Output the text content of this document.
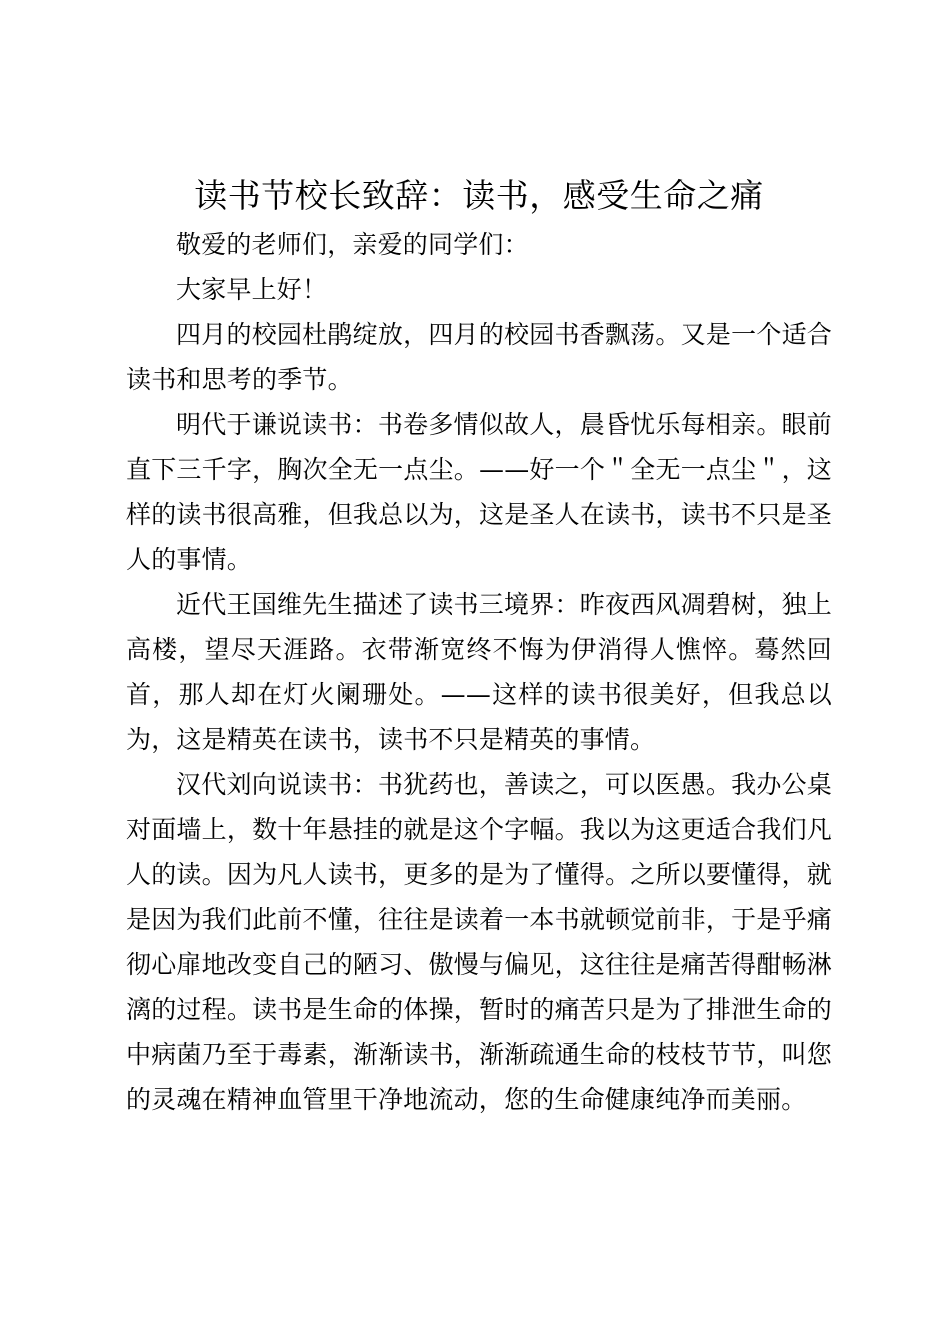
读书节校长致辞：读书，感受生命之痛

敬爱的老师们，亲爱的同学们：

大家早上好！

四月的校园杜鹃绽放，四月的校园书香飘荡。又是一个适合读书和思考的季节。

明代于谦说读书：书卷多情似故人，晨昏忧乐每相亲。眼前直下三千字，胸次全无一点尘。——好一个＂全无一点尘＂，这样的读书很高雅，但我总以为，这是圣人在读书，读书不只是圣人的事情。

近代王国维先生描述了读书三境界：昨夜西风凋碧树，独上高楼，望尽天涯路。衣带渐宽终不悔为伊消得人憔悴。蓦然回首，那人却在灯火阑珊处。——这样的读书很美好，但我总以为，这是精英在读书，读书不只是精英的事情。

汉代刘向说读书：书犹药也，善读之，可以医愚。我办公桌对面墙上，数十年悬挂的就是这个字幅。我以为这更适合我们凡人的读。因为凡人读书，更多的是为了懂得。之所以要懂得，就是因为我们此前不懂，往往是读着一本书就顿觉前非，于是乎痛彻心扉地改变自己的陋习、傲慢与偏见，这往往是痛苦得酣畅淋漓的过程。读书是生命的体操，暂时的痛苦只是为了排泄生命的中病菌乃至于毒素，渐渐读书，渐渐疏通生命的枝枝节节，叫您的灵魂在精神血管里干净地流动，您的生命健康纯净而美丽。
